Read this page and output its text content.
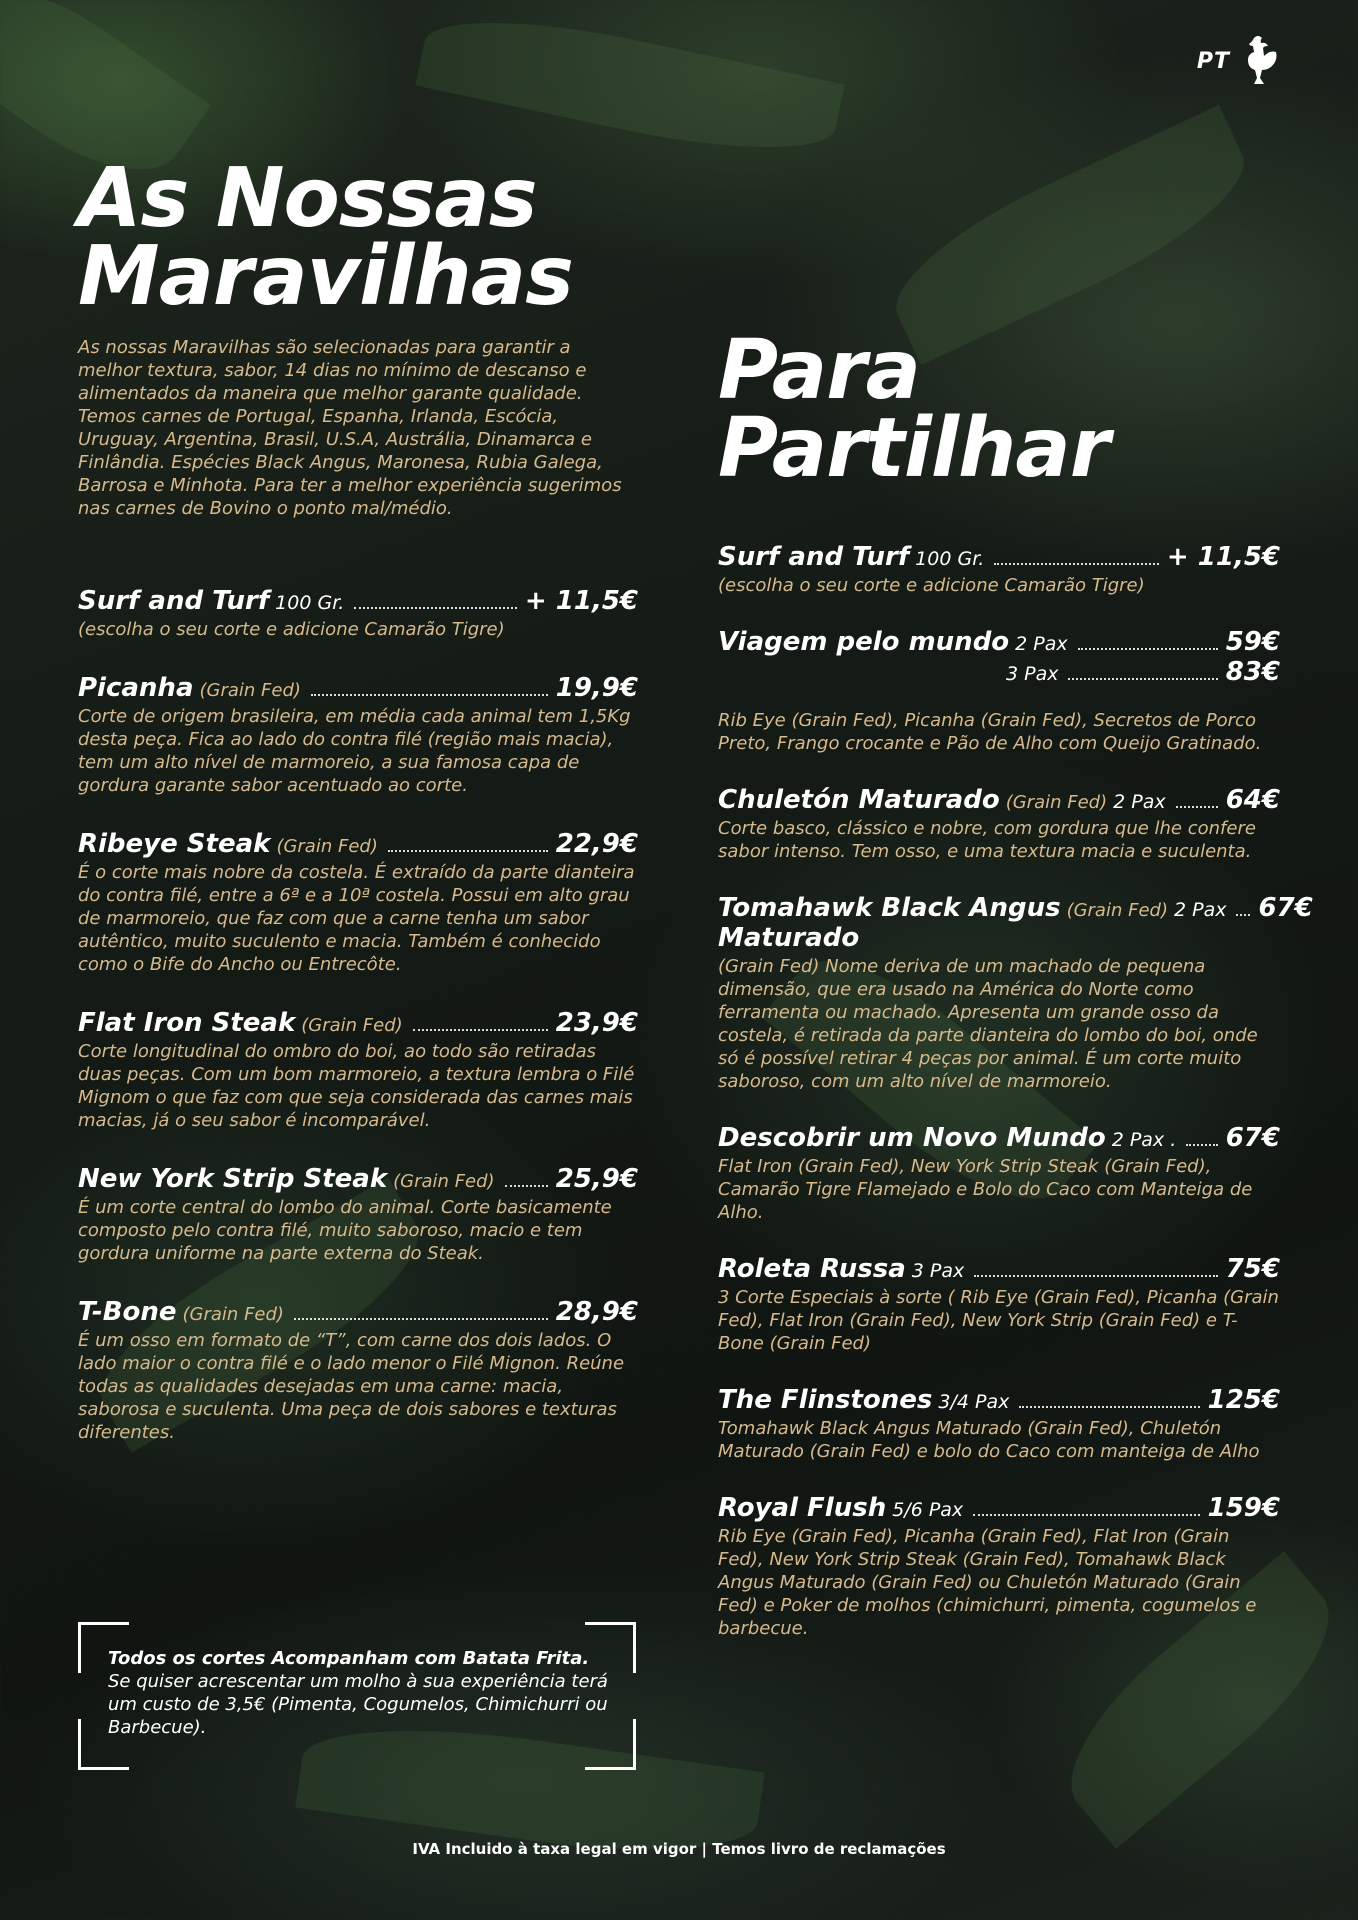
PT
As Nossas
Maravilhas

As nossas Maravilhas são selecionadas para garantir a melhor textura, sabor, 14 dias no mínimo de descanso e alimentados da maneira que melhor garante qualidade. Temos carnes de Portugal, Espanha, Irlanda, Escócia, Uruguay, Argentina, Brasil, U.S.A, Austrália, Dinamarca e Finlândia. Espécies Black Angus, Maronesa, Rubia Galega, Barrosa e Minhota. Para ter a melhor experiência sugerimos nas carnes de Bovino o ponto mal/médio.

Surf and Turf 100 Gr.	+ 11,5€
(escolha o seu corte e adicione Camarão Tigre)
Picanha (Grain Fed)	19,9€
Corte de origem brasileira, em média cada animal tem 1,5Kg desta peça. Fica ao lado do contra filé (região mais macia), tem um alto nível de marmoreio, a sua famosa capa de gordura garante sabor acentuado ao corte.
Ribeye Steak (Grain Fed)	22,9€
É o corte mais nobre da costela. É extraído da parte dianteira do contra filé, entre a 6ª e a 10ª costela. Possui em alto grau de marmoreio, que faz com que a carne tenha um sabor autêntico, muito suculento e macia. Também é conhecido como o Bife do Ancho ou Entrecôte.
Flat Iron Steak (Grain Fed)	23,9€
Corte longitudinal do ombro do boi, ao todo são retiradas duas peças. Com um bom marmoreio, a textura lembra o Filé Mignom o que faz com que seja considerada das carnes mais macias, já o seu sabor é incomparável.
New York Strip Steak (Grain Fed) 25,9€
É um corte central do lombo do animal. Corte basicamente composto pelo contra filé, muito saboroso, macio e tem gordura uniforme na parte externa do Steak.
T-Bone (Grain Fed)	28,9€
É um osso em formato de “T”, com carne dos dois lados. O lado maior o contra filé e o lado menor o Filé Mignon. Reúne todas as qualidades desejadas em uma carne: macia, saborosa e suculenta. Uma peça de dois sabores e texturas diferentes.
Todos os cortes Acompanham com Batata Frita.
Se quiser acrescentar um molho à sua experiência terá um custo de 3,5€ (Pimenta, Cogumelos, Chimichurri ou Barbecue).
Para
Partilhar
Surf and Turf 100 Gr.	+ 11,5€
(escolha o seu corte e adicione Camarão Tigre)
Viagem pelo mundo 2 Pax	59€
3 Pax	83€
Rib Eye (Grain Fed), Picanha (Grain Fed), Secretos de Porco Preto, Frango crocante e Pão de Alho com Queijo Gratinado.
Chuletón Maturado (Grain Fed) 2 Pax 64€
Corte basco, clássico e nobre, com gordura que lhe confere sabor intenso. Tem osso, e uma textura macia e suculenta.
Tomahawk Black Angus (Grain Fed) 2 Pax 67€
Maturado
(Grain Fed) Nome deriva de um machado de pequena dimensão, que era usado na América do Norte como ferramenta ou machado. Apresenta um grande osso da costela, é retirada da parte dianteira do lombo do boi, onde só é possível retirar 4 peças por animal. É um corte muito saboroso, com um alto nível de marmoreio.
Descobrir um Novo Mundo 2 Pax . 67€
Flat Iron (Grain Fed), New York Strip Steak (Grain Fed), Camarão Tigre Flamejado e Bolo do Caco com Manteiga de Alho.
Roleta Russa 3 Pax	75€
3 Corte Especiais à sorte ( Rib Eye (Grain Fed), Picanha (Grain Fed), Flat Iron (Grain Fed), New York Strip (Grain Fed) e T-Bone (Grain Fed)
The Flinstones 3/4 Pax	125€
Tomahawk Black Angus Maturado (Grain Fed), Chuletón Maturado (Grain Fed) e bolo do Caco com manteiga de Alho
Royal Flush 5/6 Pax	159€
Rib Eye (Grain Fed), Picanha (Grain Fed), Flat Iron (Grain Fed), New York Strip Steak (Grain Fed), Tomahawk Black Angus Maturado (Grain Fed) ou Chuletón Maturado (Grain Fed) e Poker de molhos (chimichurri, pimenta, cogumelos e barbecue.
IVA Incluido à taxa legal em vigor | Temos livro de reclamações
